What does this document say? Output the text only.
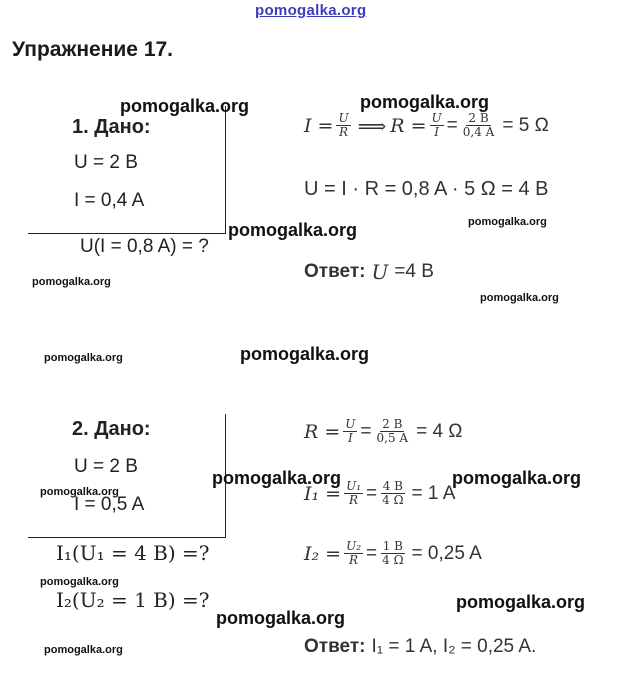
pomogalka.org
Упражнение 17.
1. Дано:
U = 2 B
I = 0,4 A
U(I = 0,8 A) = ?
$I = \frac{U}{R}$ ⟹ $R = \frac{U}{I} = \frac{2 B}{0,4 A} = 5$ Ω
U = I · R = 0,8 A · 5 Ω = 4 B
Ответ: U =4 B
2. Дано:
U = 2 B
I = 0,5 A
I₁(U₁ = 4 B) =?
I₂(U₂ = 1 B) =?
$R = \frac{U}{I} = \frac{2 B}{0,5 A} = 4$ Ω
$I_1 = \frac{\text{U₁}}{R} = \frac{4 B}{4 \Omega} = 1$ A
$I_2 = \frac{\text{U₂}}{R} = \frac{1 B}{4 \Omega} = 0,25$ A
Ответ: I₁ = 1 A, I₂ = 0,25 A.
pomogalka.org	pomogalka.org
pomogalka.org
pomogalka.org
pomogalka.org
pomogalka.org
pomogalka.org	pomogalka.org
pomogalka.org	pomogalka.org
pomogalka.org
pomogalka.org
pomogalka.org
pomogalka.org
pomogalka.org
